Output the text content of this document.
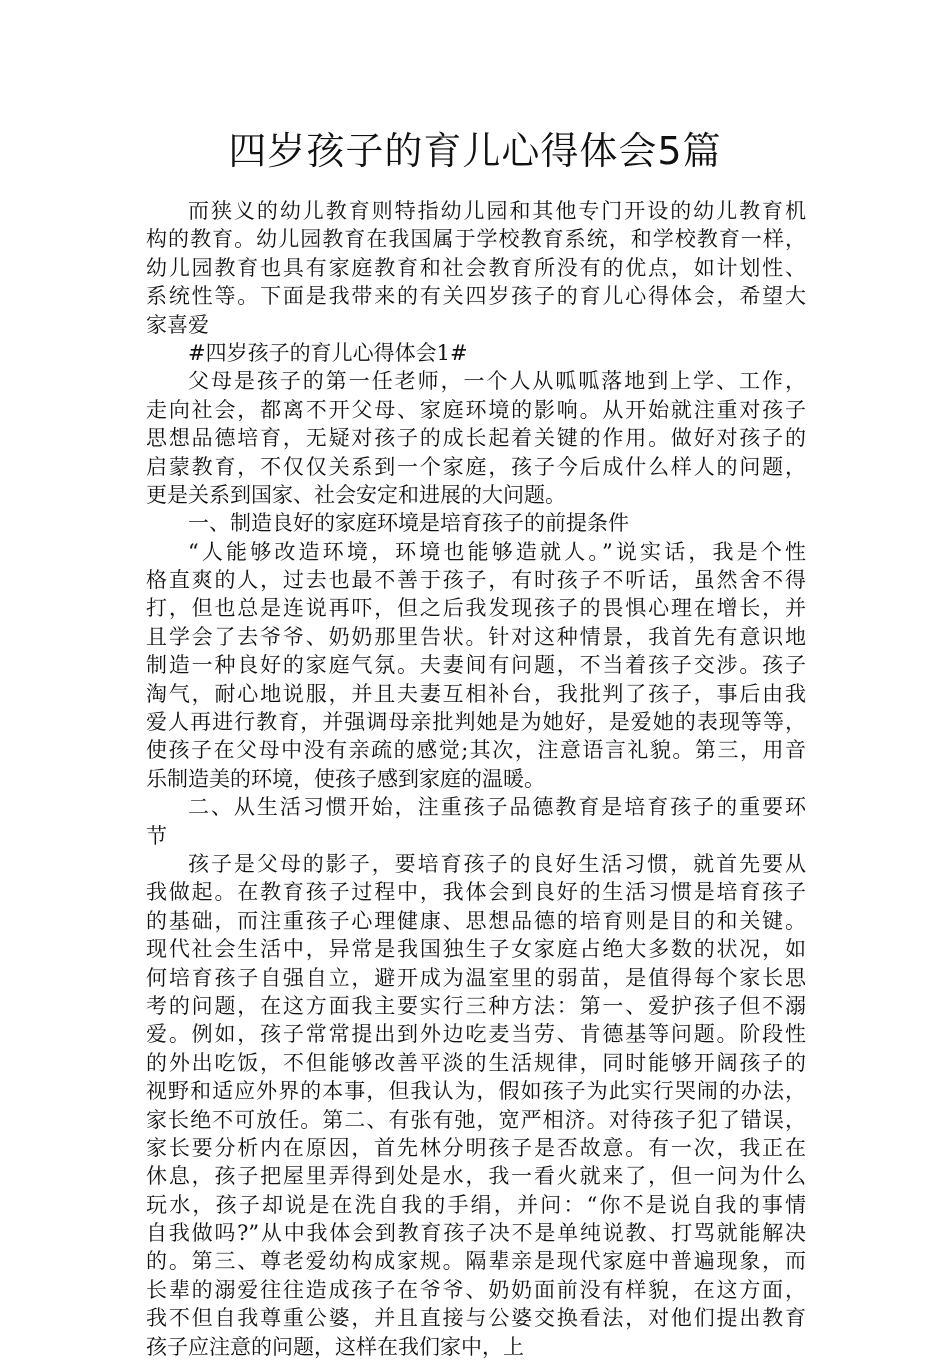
四岁孩子的育儿心得体会5篇
而狭义的幼儿教育则特指幼儿园和其他专门开设的幼儿教育机
构的教育。幼儿园教育在我国属于学校教育系统，和学校教育一样，
幼儿园教育也具有家庭教育和社会教育所没有的优点，如计划性、
系统性等。下面是我带来的有关四岁孩子的育儿心得体会，希望大
家喜爱
#四岁孩子的育儿心得体会1#
父母是孩子的第一任老师，一个人从呱呱落地到上学、工作，
走向社会，都离不开父母、家庭环境的影响。从开始就注重对孩子
思想品德培育，无疑对孩子的成长起着关键的作用。做好对孩子的
启蒙教育，不仅仅关系到一个家庭，孩子今后成什么样人的问题，
更是关系到国家、社会安定和进展的大问题。
一、制造良好的家庭环境是培育孩子的前提条件
“人能够改造环境，环境也能够造就人。”说实话，我是个性
格直爽的人，过去也最不善于孩子，有时孩子不听话，虽然舍不得
打，但也总是连说再吓，但之后我发现孩子的畏惧心理在增长，并
且学会了去爷爷、奶奶那里告状。针对这种情景，我首先有意识地
制造一种良好的家庭气氛。夫妻间有问题，不当着孩子交涉。孩子
淘气，耐心地说服，并且夫妻互相补台，我批判了孩子，事后由我
爱人再进行教育，并强调母亲批判她是为她好，是爱她的表现等等，
使孩子在父母中没有亲疏的感觉;其次，注意语言礼貌。第三，用音
乐制造美的环境，使孩子感到家庭的温暖。
二、从生活习惯开始，注重孩子品德教育是培育孩子的重要环
节
孩子是父母的影子，要培育孩子的良好生活习惯，就首先要从
我做起。在教育孩子过程中，我体会到良好的生活习惯是培育孩子
的基础，而注重孩子心理健康、思想品德的培育则是目的和关键。
现代社会生活中，异常是我国独生子女家庭占绝大多数的状况，如
何培育孩子自强自立，避开成为温室里的弱苗，是值得每个家长思
考的问题，在这方面我主要实行三种方法：第一、爱护孩子但不溺
爱。例如，孩子常常提出到外边吃麦当劳、肯德基等问题。阶段性
的外出吃饭，不但能够改善平淡的生活规律，同时能够开阔孩子的
视野和适应外界的本事，但我认为，假如孩子为此实行哭闹的办法，
家长绝不可放任。第二、有张有弛，宽严相济。对待孩子犯了错误，
家长要分析内在原因，首先林分明孩子是否故意。有一次，我正在
休息，孩子把屋里弄得到处是水，我一看火就来了，但一问为什么
玩水，孩子却说是在洗自我的手绢，并问：“你不是说自我的事情
自我做吗?”从中我体会到教育孩子决不是单纯说教、打骂就能解决
的。第三、尊老爱幼构成家规。隔辈亲是现代家庭中普遍现象，而
长辈的溺爱往往造成孩子在爷爷、奶奶面前没有样貌，在这方面，
我不但自我尊重公婆，并且直接与公婆交换看法，对他们提出教育
孩子应注意的问题，这样在我们家中，上
